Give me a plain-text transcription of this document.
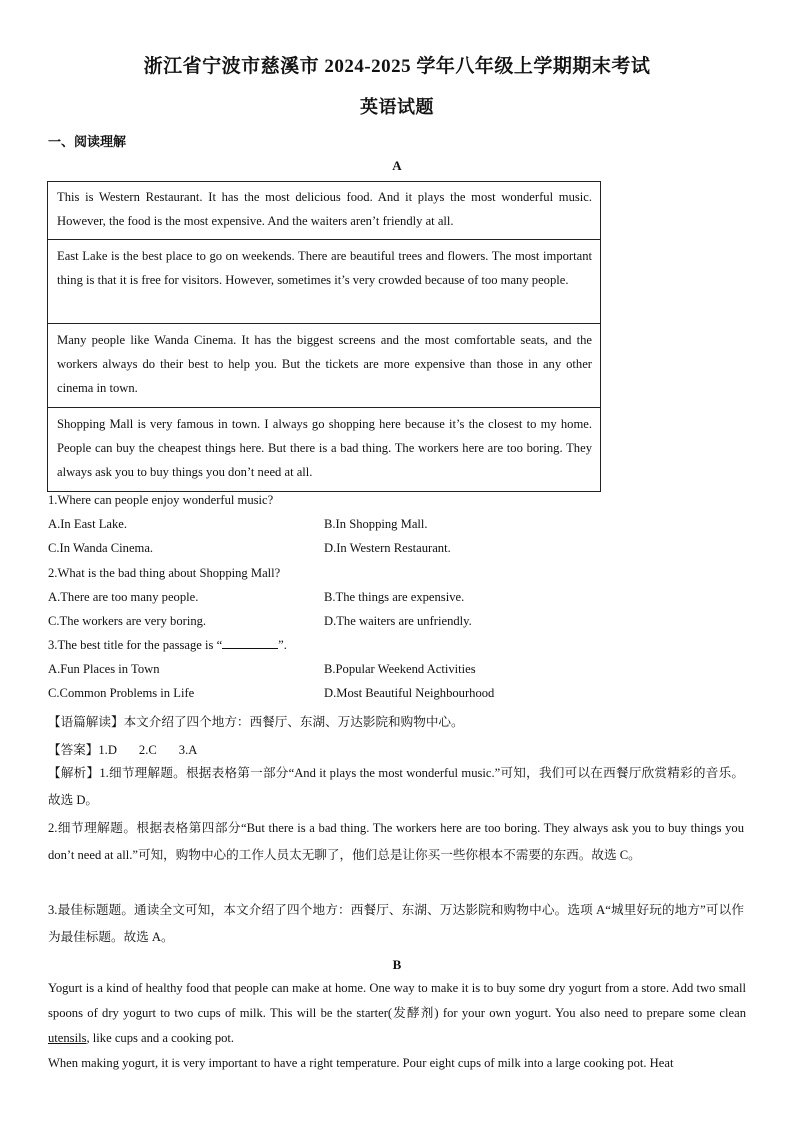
浙江省宁波市慈溪市 2024-2025 学年八年级上学期期末考试
英语试题
一、阅读理解
A
This is Western Restaurant. It has the most delicious food. And it plays the most wonderful music. However, the food is the most expensive. And the waiters aren’t friendly at all.
East Lake is the best place to go on weekends. There are beautiful trees and flowers. The most important thing is that it is free for visitors. However, sometimes it’s very crowded because of too many people.
Many people like Wanda Cinema. It has the biggest screens and the most comfortable seats, and the workers always do their best to help you. But the tickets are more expensive than those in any other cinema in town.
Shopping Mall is very famous in town. I always go shopping here because it’s the closest to my home. People can buy the cheapest things here. But there is a bad thing. The workers here are too boring. They always ask you to buy things you don’t need at all.
1.Where can people enjoy wonderful music?
A.In East Lake.	B.In Shopping Mall.
C.In Wanda Cinema.	D.In Western Restaurant.
2.What is the bad thing about Shopping Mall?
A.There are too many people.	B.The things are expensive.
C.The workers are very boring.	D.The waiters are unfriendly.
3.The best title for the passage is “	”.
A.Fun Places in Town	B.Popular Weekend Activities
C.Common Problems in Life	D.Most Beautiful Neighbourhood
【语篇解读】本文介绍了四个地方：西餐厅、东湖、万达影院和购物中心。
【答案】1.D 2.C 3.A
【解析】1.细节理解题。根据表格第一部分“And it plays the most wonderful music.”可知，我们可以在西餐厅欣赏精彩的音乐。故选 D。
2.细节理解题。根据表格第四部分“But there is a bad thing. The workers here are too boring. They always ask you to buy things you don’t need at all.”可知，购物中心的工作人员太无聊了，他们总是让你买一些你根本不需要的东西。故选 C。
3.最佳标题题。通读全文可知，本文介绍了四个地方：西餐厅、东湖、万达影院和购物中心。选项 A“城里好玩的地方”可以作为最佳标题。故选 A。
B
Yogurt is a kind of healthy food that people can make at home. One way to make it is to buy some dry yogurt from a store. Add two small spoons of dry yogurt to two cups of milk. This will be the starter(发酵剂) for your own yogurt. You also need to prepare some clean utensils, like cups and a cooking pot.
When making yogurt, it is very important to have a right temperature. Pour eight cups of milk into a large cooking pot. Heat
